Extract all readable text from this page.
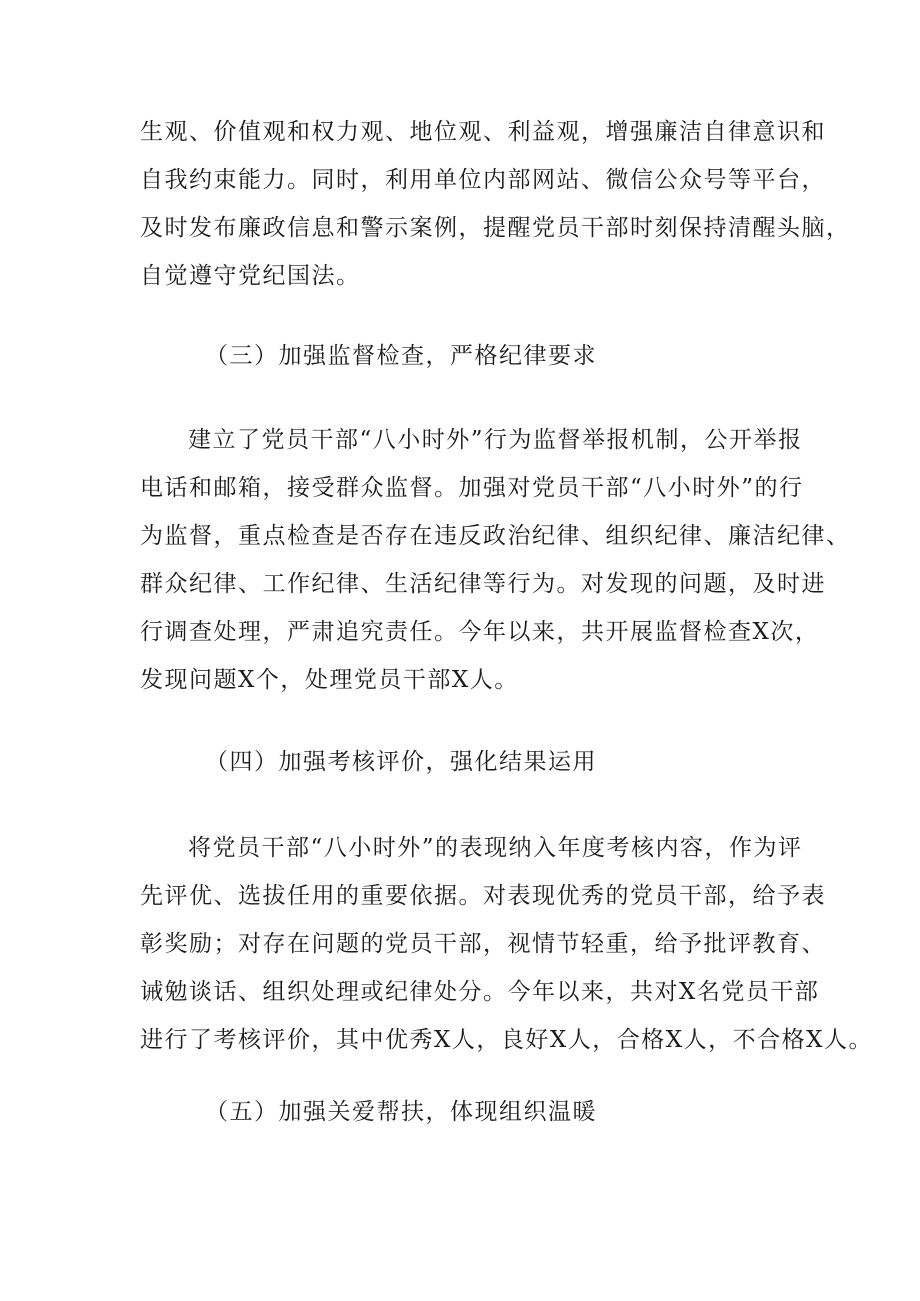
生观、价值观和权力观、地位观、利益观，增强廉洁自律意识和
自我约束能力。同时，利用单位内部网站、微信公众号等平台，
及时发布廉政信息和警示案例，提醒党员干部时刻保持清醒头脑，
自觉遵守党纪国法。
（三）加强监督检查，严格纪律要求
建立了党员干部“八小时外”行为监督举报机制，公开举报
电话和邮箱，接受群众监督。加强对党员干部“八小时外”的行
为监督，重点检查是否存在违反政治纪律、组织纪律、廉洁纪律、
群众纪律、工作纪律、生活纪律等行为。对发现的问题，及时进
行调查处理，严肃追究责任。今年以来，共开展监督检查X次，
发现问题X个，处理党员干部X人。
（四）加强考核评价，强化结果运用
将党员干部“八小时外”的表现纳入年度考核内容，作为评
先评优、选拔任用的重要依据。对表现优秀的党员干部，给予表
彰奖励；对存在问题的党员干部，视情节轻重，给予批评教育、
诫勉谈话、组织处理或纪律处分。今年以来，共对X名党员干部
进行了考核评价，其中优秀X人，良好X人，合格X人，不合格X人。
（五）加强关爱帮扶，体现组织温暖
